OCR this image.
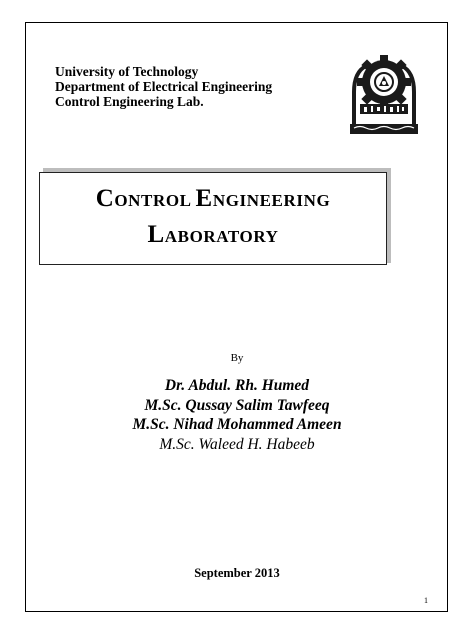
University of Technology
Department of Electrical Engineering
Control Engineering Lab.
CONTROL ENGINEERING
LABORATORY
By
Dr. Abdul. Rh. Humed
M.Sc. Qussay Salim Tawfeeq
M.Sc. Nihad Mohammed Ameen
M.Sc. Waleed H. Habeeb
September 2013
1
